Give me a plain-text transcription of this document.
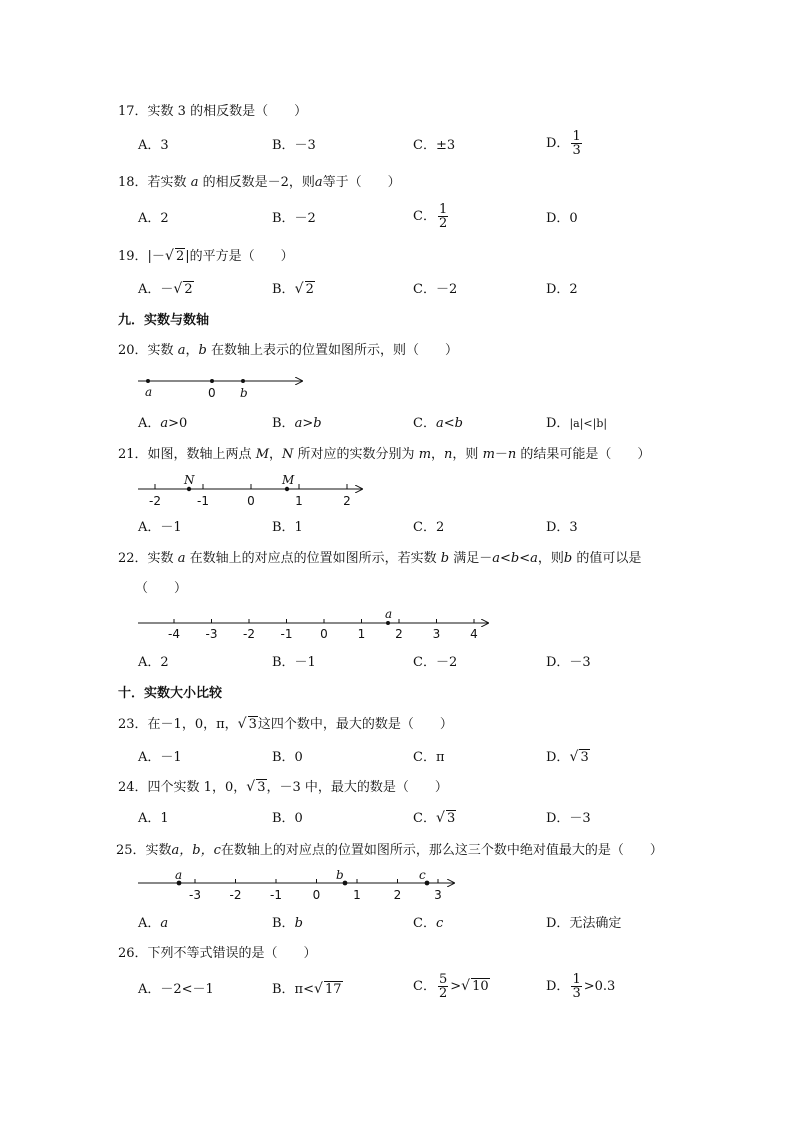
17．实数 3 的相反数是（　　）
A．3	B．－3	C．±3	D． $\frac{1}{3}$
18．若实数 a 的相反数是－2，则a等于（　　）
A．2	B．－2	C． $\frac{1}{2}$	D．0
19．|－ √ 2|的平方是（　　）
A．－ √ 2	B． √ 2	C．－2	D．2
九．实数与数轴
20．实数 a，b 在数轴上表示的位置如图所示，则（　　）
A．a>0	B．a>b	C．a<b	D．|a|<|b|
21．如图，数轴上两点 M，N 所对应的实数分别为 m，n，则 m－n 的结果可能是（　　）
A．－1	B．1	C．2	D．3
22．实数 a 在数轴上的对应点的位置如图所示，若实数 b 满足－a<b<a，则b 的值可以是
（　　）
A．2	B．－1	C．－2	D．－3
十．实数大小比较
23．在－1，0，π， √ 3这四个数中，最大的数是（　　）
A．－1	B．0	C．π	D． √ 3
24．四个实数 1，0， √ 3，－3 中，最大的数是（　　）
A．1	B．0	C． √ 3	D．－3
25．实数a，b，c在数轴上的对应点的位置如图所示，那么这三个数中绝对值最大的是（　　）
A．a	B．b	C．c	D．无法确定
26．下列不等式错误的是（　　）
A．－2<－1	B．π< √ 17	C． $\frac{5}{2}$ > √ 10	D． $\frac{1}{3} >0.3$
a	0 b
-2	-1	0	1	2
N	M
-4 -3 -2 -1 0 1 2 3 4
a
-3 -2 -1	0	1	2	3
a	b	c
